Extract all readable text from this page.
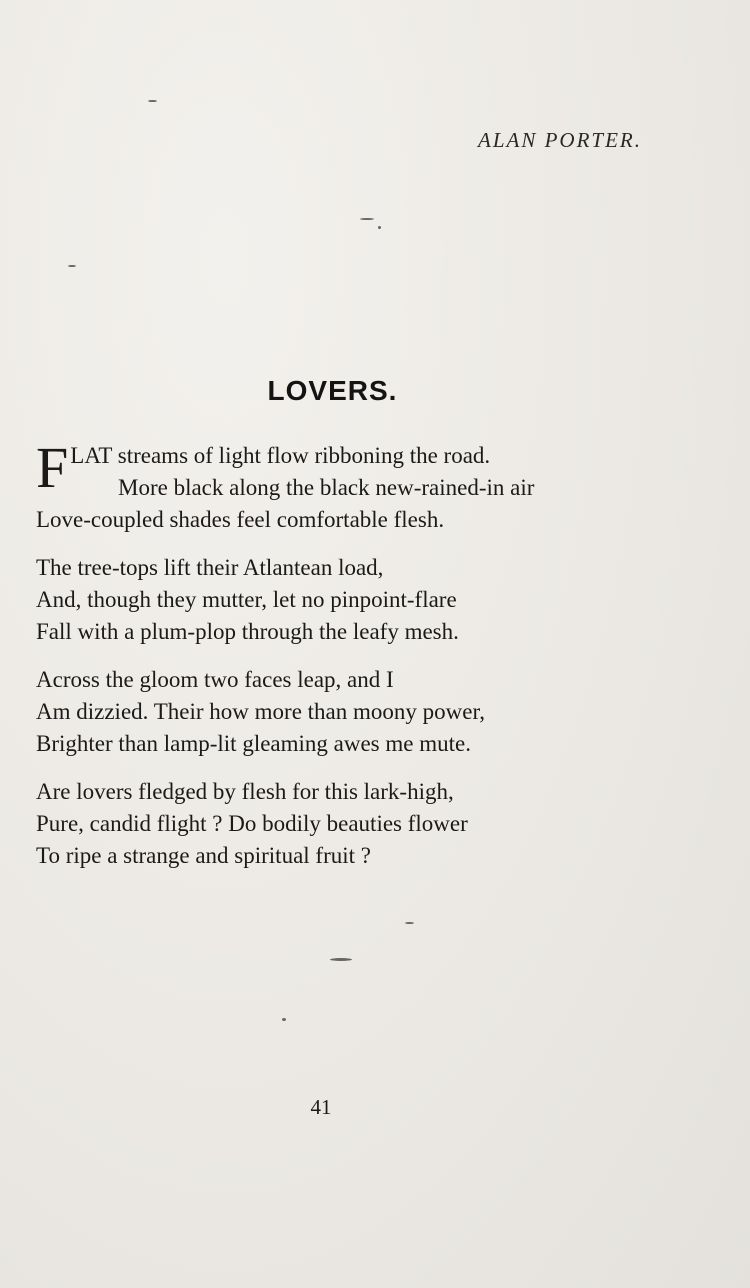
ALAN PORTER.
LOVERS.
F LAT streams of light flow ribboning the road.
More black along the black new-rained-in air
Love-coupled shades feel comfortable flesh.
The tree-tops lift their Atlantean load,
And, though they mutter, let no pinpoint-flare
Fall with a plum-plop through the leafy mesh.
Across the gloom two faces leap, and I
Am dizzied. Their how more than moony power,
Brighter than lamp-lit gleaming awes me mute.
Are lovers fledged by flesh for this lark-high,
Pure, candid flight ? Do bodily beauties flower
To ripe a strange and spiritual fruit ?
41
